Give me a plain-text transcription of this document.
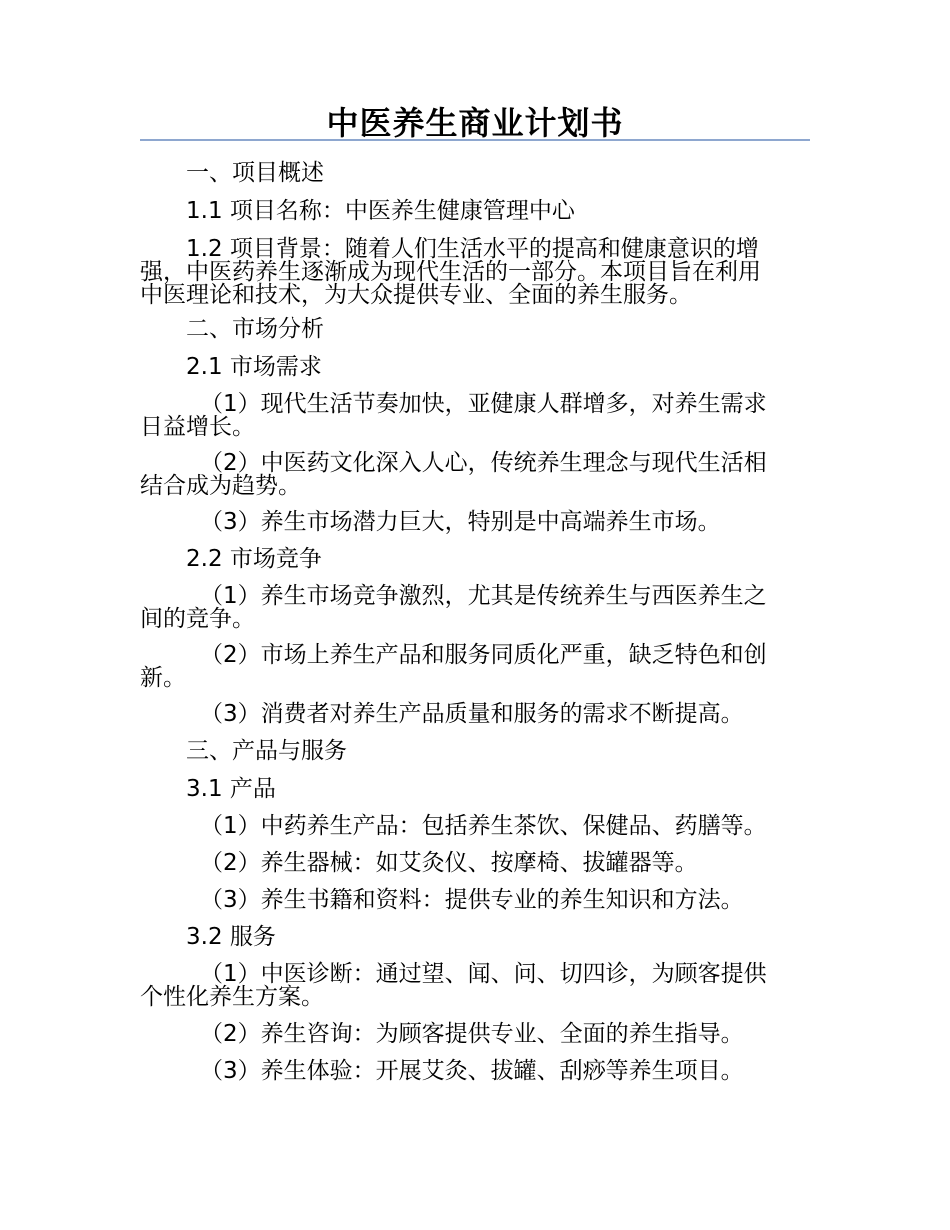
中医养生商业计划书
一、项目概述
1.1 项目名称：中医养生健康管理中心
1.2 项目背景：随着人们生活水平的提高和健康意识的增
强，中医药养生逐渐成为现代生活的一部分。本项目旨在利用
中医理论和技术，为大众提供专业、全面的养生服务。
二、市场分析
2.1 市场需求
（1）现代生活节奏加快，亚健康人群增多，对养生需求
日益增长。
（2）中医药文化深入人心，传统养生理念与现代生活相
结合成为趋势。
（3）养生市场潜力巨大，特别是中高端养生市场。
2.2 市场竞争
（1）养生市场竞争激烈，尤其是传统养生与西医养生之
间的竞争。
（2）市场上养生产品和服务同质化严重，缺乏特色和创
新。
（3）消费者对养生产品质量和服务的需求不断提高。
三、产品与服务
3.1 产品
（1）中药养生产品：包括养生茶饮、保健品、药膳等。
（2）养生器械：如艾灸仪、按摩椅、拔罐器等。
（3）养生书籍和资料：提供专业的养生知识和方法。
3.2 服务
（1）中医诊断：通过望、闻、问、切四诊，为顾客提供
个性化养生方案。
（2）养生咨询：为顾客提供专业、全面的养生指导。
（3）养生体验：开展艾灸、拔罐、刮痧等养生项目。
